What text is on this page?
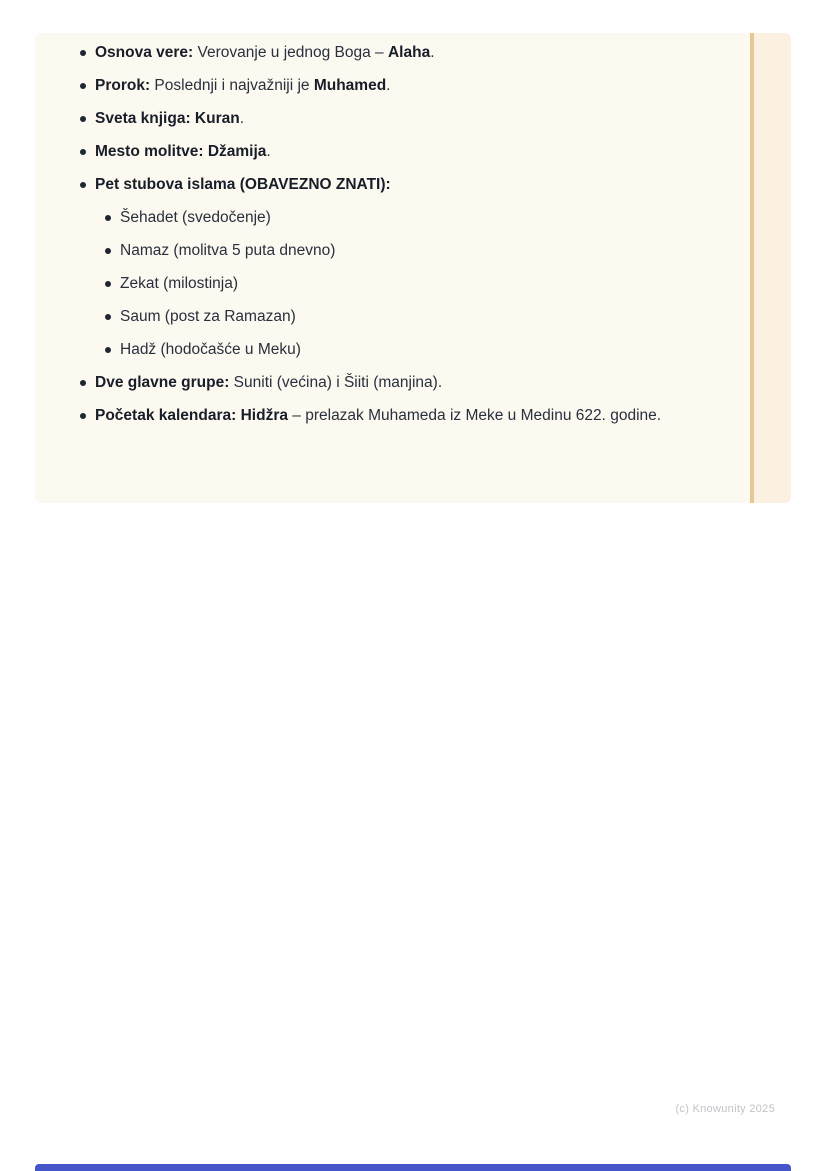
Osnova vere: Verovanje u jednog Boga – Alaha.
Prorok: Poslednji i najvažniji je Muhamed.
Sveta knjiga: Kuran.
Mesto molitve: Džamija.
Pet stubova islama (OBAVEZNO ZNATI):
Šehadet (svedočenje)
Namaz (molitva 5 puta dnevno)
Zekat (milostinja)
Saum (post za Ramazan)
Hadž (hodočašće u Meku)
Dve glavne grupe: Suniti (većina) i Šiiti (manjina).
Početak kalendara: Hidžra – prelazak Muhameda iz Meke u Medinu 622. godine.
(c) Knowunity 2025
